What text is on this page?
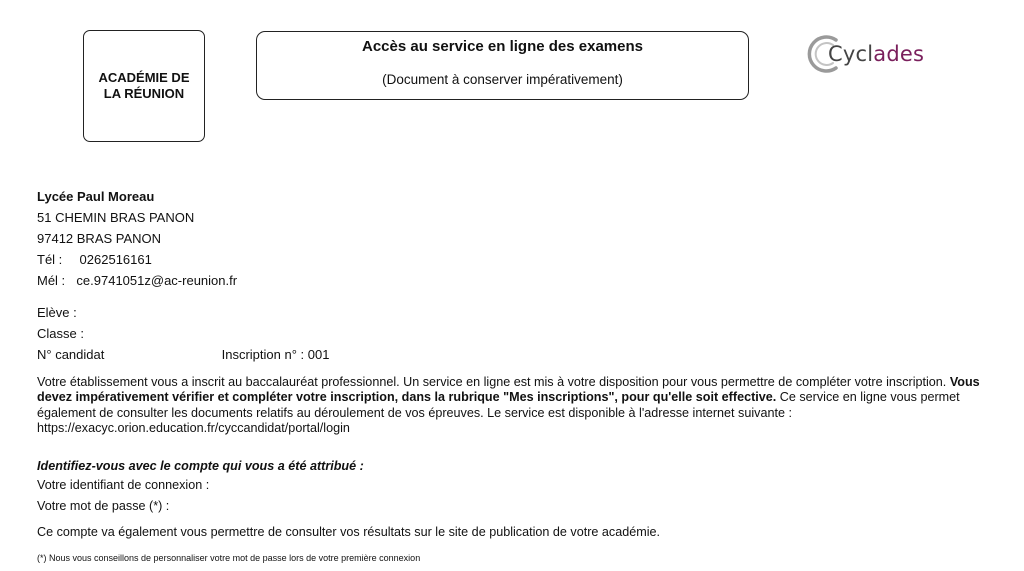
ACADÉMIE DE
LA RÉUNION
Accès au service en ligne des examens
(Document à conserver impérativement)
Cyclades
Lycée Paul Moreau
51 CHEMIN BRAS PANON
97412 BRAS PANON
Tél : 0262516161
Mél : ce.9741051z@ac-reunion.fr
Elève :
Classe :
N° candidat	Inscription n° : 001
Votre établissement vous a inscrit au baccalauréat professionnel. Un service en ligne est mis à votre disposition pour vous permettre de compléter votre inscription. Vous devez impérativement vérifier et compléter votre inscription, dans la rubrique "Mes inscriptions", pour qu'elle soit effective. Ce service en ligne vous permet également de consulter les documents relatifs au déroulement de vos épreuves. Le service est disponible à l'adresse internet suivante :
https://exacyc.orion.education.fr/cyccandidat/portal/login
Identifiez-vous avec le compte qui vous a été attribué :
Votre identifiant de connexion :
Votre mot de passe (*) :
Ce compte va également vous permettre de consulter vos résultats sur le site de publication de votre académie.
(*) Nous vous conseillons de personnaliser votre mot de passe lors de votre première connexion
